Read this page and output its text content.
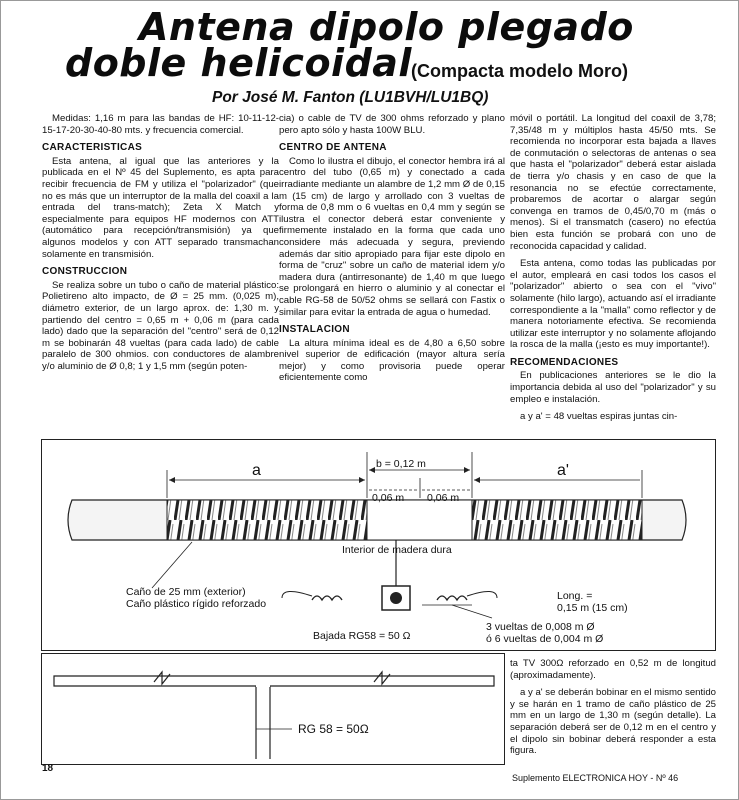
Antena dipolo plegado
doble helicoidal (Compacta modelo Moro)
Por José M. Fanton (LU1BVH/LU1BQ)

Medidas: 1,16 m para las bandas de HF: 10-11-12-15-17-20-30-40-80 mts. y frecuencia comercial.

CARACTERISTICAS

Esta antena, al igual que las anteriores y la publicada en el Nº 45 del Suplemento, es apta para recibir frecuencia de FM y utiliza el "polarizador" (que no es más que un interruptor de la malla del coaxil a la entrada del trans-match); Zeta X Match y especialmente para equipos HF modernos con ATT (automático para recepción/transmisión) ya que algunos modelos y con ATT separado transmachan solamente en transmisión.

CONSTRUCCION

Se realiza sobre un tubo o caño de material plástico: Polietireno alto impacto, de Ø = 25 mm. (0,025 m), diámetro exterior, de un largo aprox. de: 1,30 m. y partiendo del centro = 0,65 m + 0,06 m (para cada lado) dado que la separación del "centro" será de 0,12 m se bobinarán 48 vueltas (para cada lado) de cable paralelo de 300 ohmios. con conductores de alambre y/o aluminio de Ø 0,8; 1 y 1,5 mm (según poten-

cia) o cable de TV de 300 ohms reforzado y plano pero apto sólo y hasta 100W BLU.

CENTRO DE ANTENA

Como lo ilustra el dibujo, el conector hembra irá al centro del tubo (0,65 m) y conectado a cada irradiante mediante un alambre de 1,2 mm Ø de 0,15 m (15 cm) de largo y arrollado con 3 vueltas de forma de 0,8 mm o 6 vueltas en 0,4 mm y según se ilustra el conector deberá estar conveniente y firmemente instalado en la forma que cada uno considere más adecuada y segura, previendo además dar sitio apropiado para fijar este dipolo en forma de "cruz" sobre un caño de material idem y/o madera dura (antirresonante) de 1,40 m que luego se prolongará en hierro o aluminio y al conectar el cable RG-58 de 50/52 ohms se sellará con Fastix o similar para evitar la entrada de agua o humedad.

INSTALACION

La altura mínima ideal es de 4,80 a 6,50 sobre nivel superior de edificación (mayor altura sería mejor) y como provisoria puede operar eficientemente como

móvil o portátil. La longitud del coaxil de 3,78; 7,35/48 m y múltiplos hasta 45/50 mts. Se recomienda no incorporar esta bajada a llaves de conmutación o selectoras de antenas o sea que hasta el "polarizador" deberá estar aislada de tierra y/o chasis y en caso de que la resonancia no se efectúe correctamente, probaremos de acortar o alargar según convenga en tramos de 0,45/0,70 m (más o menos). Si el transmatch (casero) no efectúa bien esta función se probará con uno de reconocida capacidad y calidad.

Esta antena, como todas las publicadas por el autor, empleará en casi todos los casos el "polarizador" abierto o sea con el "vivo" solamente (hilo largo), actuando así el irradiante correspondiente a la "malla" como reflector y de manera notoriamente efectiva. Se recomienda utilizar este interruptor y no solamente aflojando la rosca de la malla (¡esto es muy importante!).

RECOMENDACIONES

En publicaciones anteriores se le dio la importancia debida al uso del "polarizador" y su empleo e instalación.

a y a' = 48 vueltas espiras juntas cin-

b = 0,12 m
a	a'
0,06 m 0,06 m
Interior de madera dura
Caño de 25 mm (exterior)
Caño plástico rígido reforzado
Long. =
0,15 m (15 cm)
Bajada RG58 = 50 Ω
3 vueltas de 0,008 m Ø
ó 6 vueltas de 0,004 m Ø
RG 58 = 50Ω

ta TV 300Ω reforzado en 0,52 m de longitud (aproximadamente).

a y a' se deberán bobinar en el mismo sentido y se harán en 1 tramo de caño plástico de 25 mm en un largo de 1,30 m (según detalle). La separación deberá ser de 0,12 m en el centro y el dipolo sin bobinar deberá responder a esta figura.

18
Suplemento ELECTRONICA HOY - Nº 46
